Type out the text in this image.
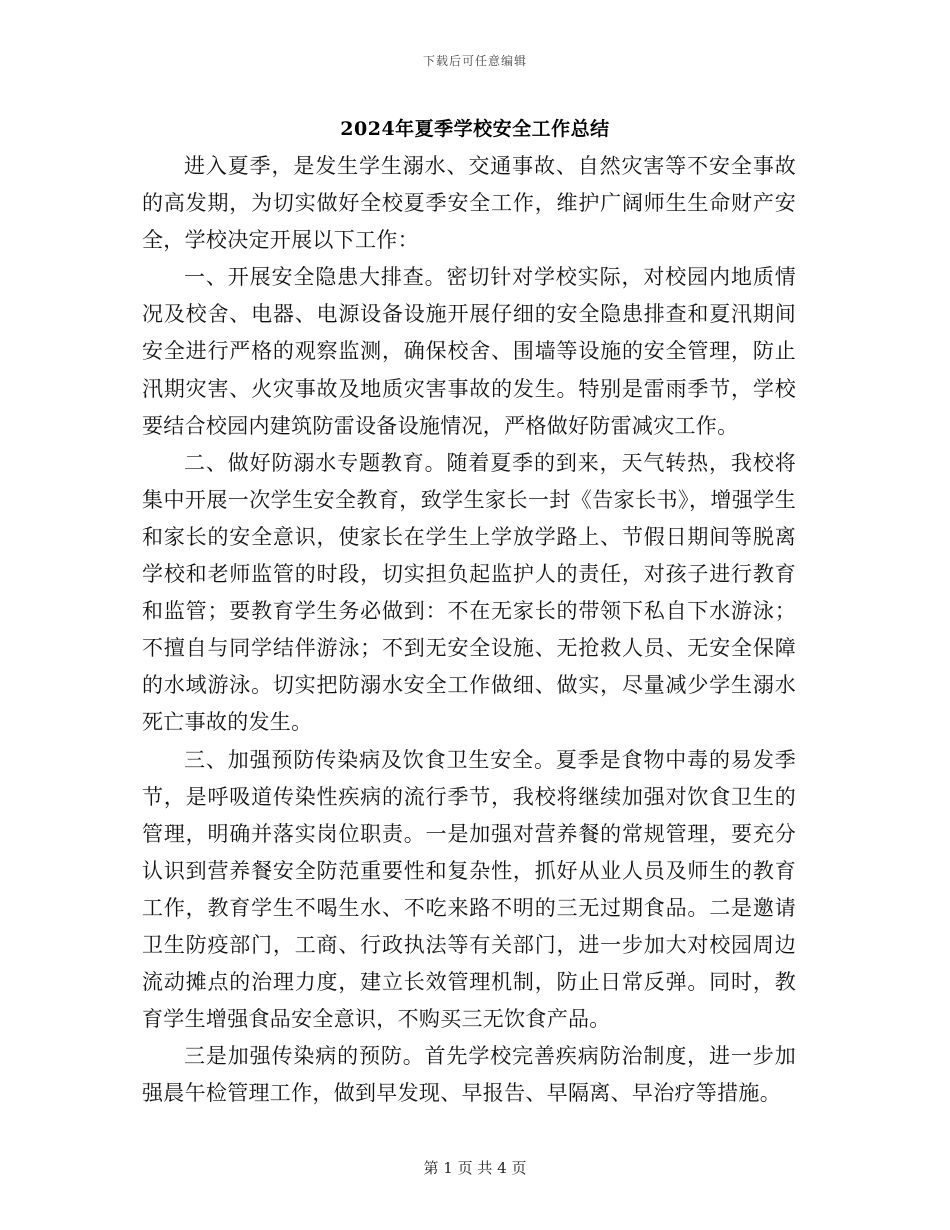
下载后可任意编辑
2024年夏季学校安全工作总结

进入夏季，是发生学生溺水、交通事故、自然灾害等不安全事故的高发期，为切实做好全校夏季安全工作，维护广阔师生生命财产安全，学校决定开展以下工作：

一、开展安全隐患大排查。密切针对学校实际，对校园内地质情况及校舍、电器、电源设备设施开展仔细的安全隐患排查和夏汛期间安全进行严格的观察监测，确保校舍、围墙等设施的安全管理，防止汛期灾害、火灾事故及地质灾害事故的发生。特别是雷雨季节，学校要结合校园内建筑防雷设备设施情况，严格做好防雷减灾工作。

二、做好防溺水专题教育。随着夏季的到来，天气转热，我校将集中开展一次学生安全教育，致学生家长一封《告家长书》，增强学生和家长的安全意识，使家长在学生上学放学路上、节假日期间等脱离学校和老师监管的时段，切实担负起监护人的责任，对孩子进行教育和监管；要教育学生务必做到：不在无家长的带领下私自下水游泳；不擅自与同学结伴游泳；不到无安全设施、无抢救人员、无安全保障的水域游泳。切实把防溺水安全工作做细、做实，尽量减少学生溺水死亡事故的发生。

三、加强预防传染病及饮食卫生安全。夏季是食物中毒的易发季节，是呼吸道传染性疾病的流行季节，我校将继续加强对饮食卫生的管理，明确并落实岗位职责。一是加强对营养餐的常规管理，要充分认识到营养餐安全防范重要性和复杂性，抓好从业人员及师生的教育工作，教育学生不喝生水、不吃来路不明的三无过期食品。二是邀请卫生防疫部门，工商、行政执法等有关部门，进一步加大对校园周边流动摊点的治理力度，建立长效管理机制，防止日常反弹。同时，教育学生增强食品安全意识，不购买三无饮食产品。

三是加强传染病的预防。首先学校完善疾病防治制度，进一步加强晨午检管理工作，做到早发现、早报告、早隔离、早治疗等措施。

第 1 页 共 4 页
